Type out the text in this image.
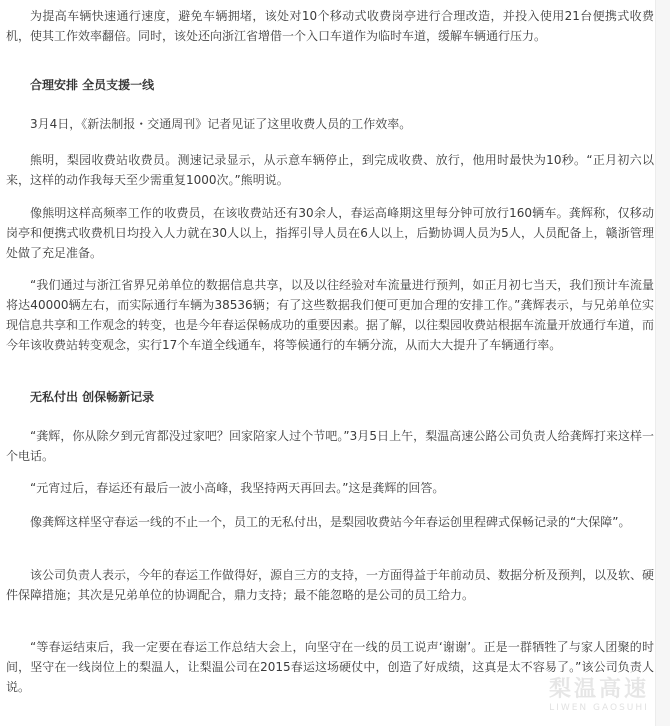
为提高车辆快速通行速度，避免车辆拥堵，该处对10个移动式收费岗亭进行合理改造，并投入使用21台便携式收费机，使其工作效率翻倍。同时，该处还向浙江省增借一个入口车道作为临时车道，缓解车辆通行压力。

合理安排 全员支援一线

3月4日，《新法制报・交通周刊》记者见证了这里收费人员的工作效率。

熊明，梨园收费站收费员。测速记录显示，从示意车辆停止，到完成收费、放行，他用时最快为10秒。“正月初六以来，这样的动作我每天至少需重复1000次。”熊明说。

像熊明这样高频率工作的收费员，在该收费站还有30余人，春运高峰期这里每分钟可放行160辆车。龚辉称，仅移动岗亭和便携式收费机日均投入人力就在30人以上，指挥引导人员在6人以上，后勤协调人员为5人，人员配备上，赣浙管理处做了充足准备。

“我们通过与浙江省界兄弟单位的数据信息共享，以及以往经验对车流量进行预判，如正月初七当天，我们预计车流量将达40000辆左右，而实际通行车辆为38536辆；有了这些数据我们便可更加合理的安排工作。”龚辉表示，与兄弟单位实现信息共享和工作观念的转变，也是今年春运保畅成功的重要因素。据了解，以往梨园收费站根据车流量开放通行车道，而今年该收费站转变观念，实行17个车道全线通车，将等候通行的车辆分流，从而大大提升了车辆通行率。

无私付出 创保畅新记录

“龚辉，你从除夕到元宵都没过家吧？回家陪家人过个节吧。”3月5日上午，梨温高速公路公司负责人给龚辉打来这样一个电话。

“元宵过后，春运还有最后一波小高峰，我坚持两天再回去。”这是龚辉的回答。

像龚辉这样坚守春运一线的不止一个，员工的无私付出，是梨园收费站今年春运创里程碑式保畅记录的“大保障”。

该公司负责人表示，今年的春运工作做得好，源自三方的支持，一方面得益于年前动员、数据分析及预判，以及软、硬件保障措施；其次是兄弟单位的协调配合，鼎力支持；最不能忽略的是公司的员工给力。

“等春运结束后，我一定要在春运工作总结大会上，向坚守在一线的员工说声‘谢谢’。正是一群牺牲了与家人团聚的时间，坚守在一线岗位上的梨温人，让梨温公司在2015春运这场硬仗中，创造了好成绩，这真是太不容易了。”该公司负责人说。	梨温高速
LIWEN GAOSUHI
